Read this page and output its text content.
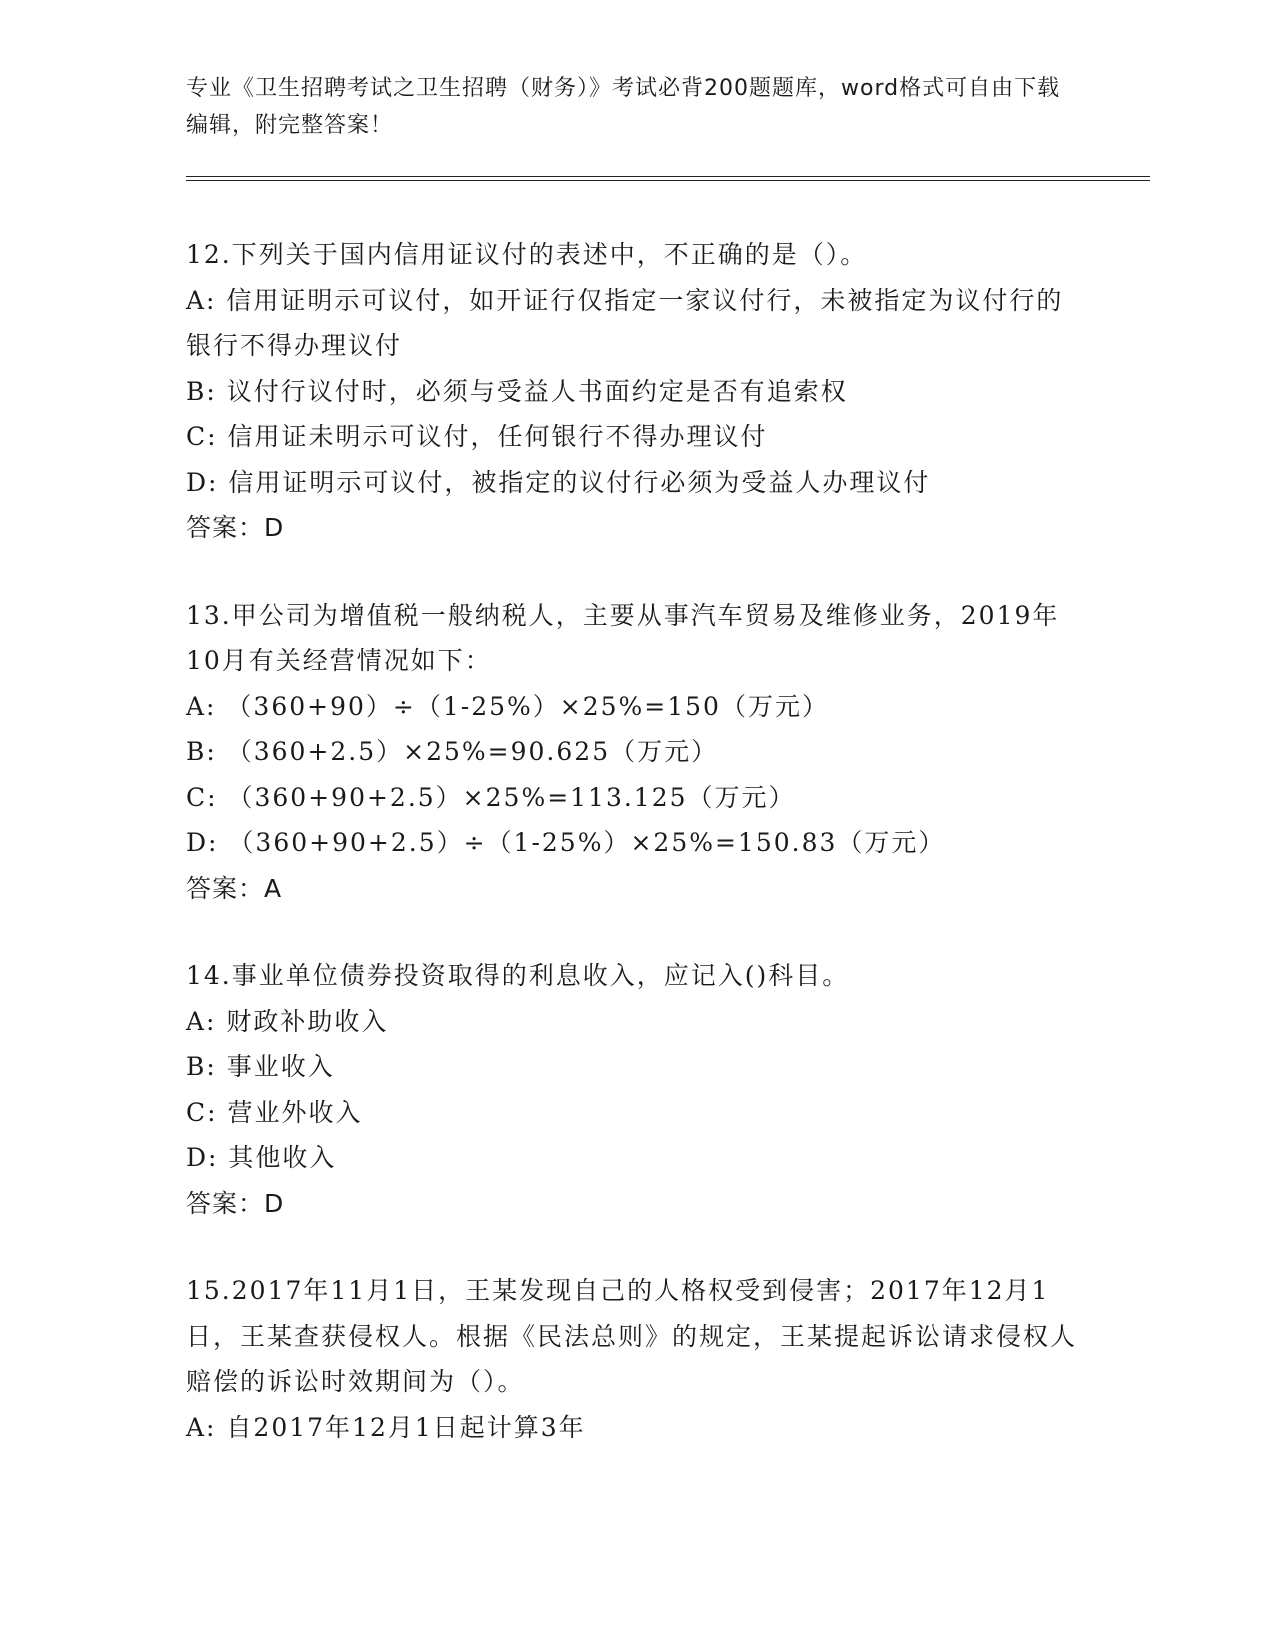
专业《卫生招聘考试之卫生招聘（财务）》考试必背200题题库，word格式可自由下载编辑，附完整答案！

12.下列关于国内信用证议付的表述中，不正确的是（）。

A: 信用证明示可议付，如开证行仅指定一家议付行，未被指定为议付行的银行不得办理议付

B: 议付行议付时，必须与受益人书面约定是否有追索权

C: 信用证未明示可议付，任何银行不得办理议付

D: 信用证明示可议付，被指定的议付行必须为受益人办理议付

答案：D

13.甲公司为增值税一般纳税人，主要从事汽车贸易及维修业务，2019年10月有关经营情况如下：

A: （360+90）÷（1-25%）×25%=150（万元）

B: （360+2.5）×25%=90.625（万元）

C: （360+90+2.5）×25%=113.125（万元）

D: （360+90+2.5）÷（1-25%）×25%=150.83（万元）

答案：A

14.事业单位债券投资取得的利息收入，应记入()科目。

A: 财政补助收入

B: 事业收入

C: 营业外收入

D: 其他收入

答案：D

15.2017年11月1日，王某发现自己的人格权受到侵害；2017年12月1日，王某查获侵权人。根据《民法总则》的规定，王某提起诉讼请求侵权人赔偿的诉讼时效期间为（）。

A: 自2017年12月1日起计算3年
